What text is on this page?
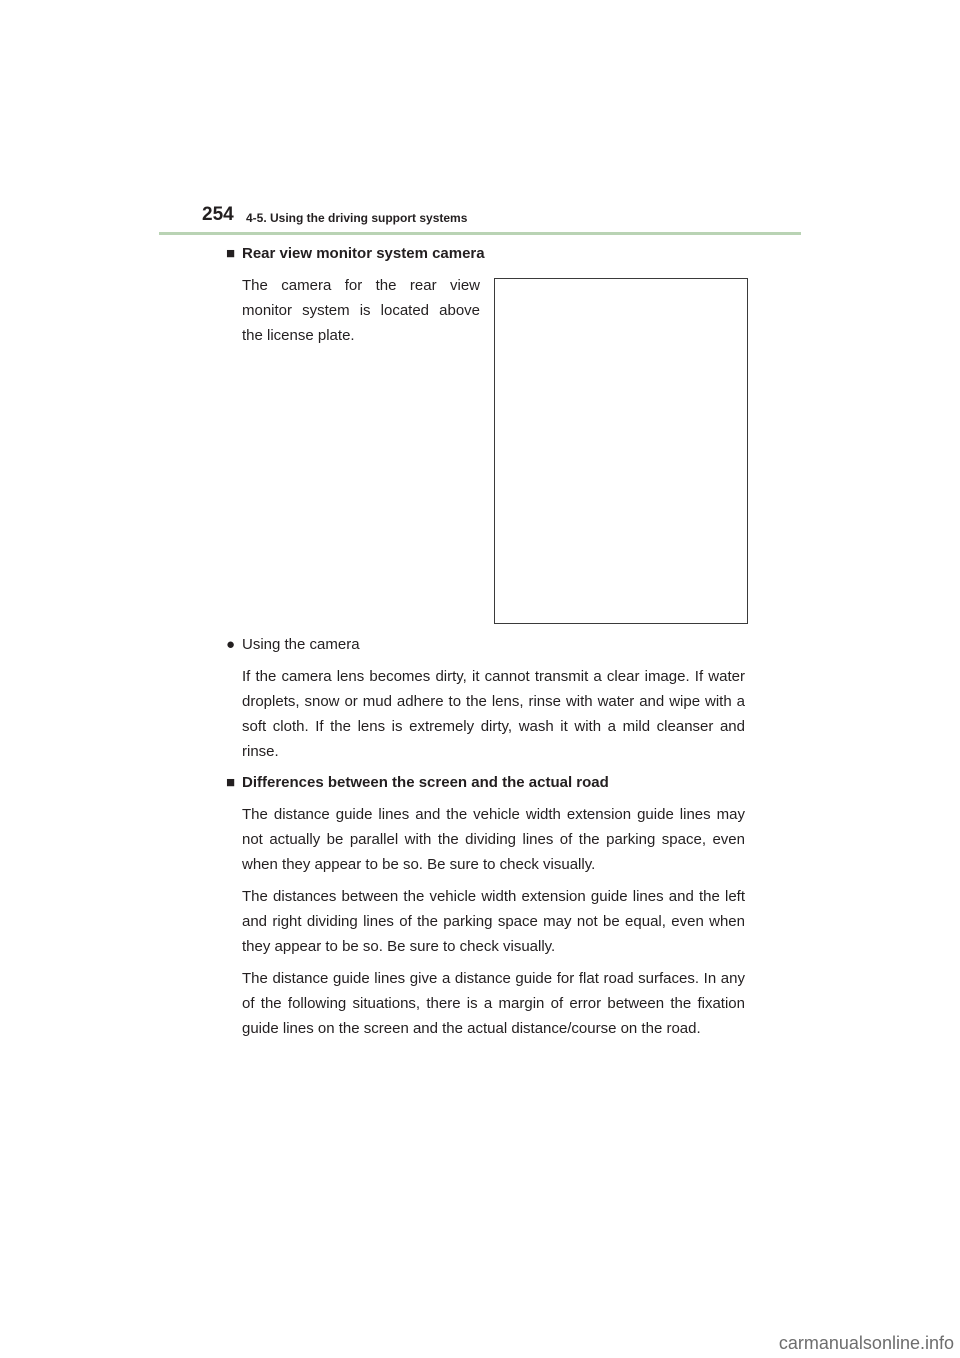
254 4-5. Using the driving support systems
■ Rear view monitor system camera

The camera for the rear view monitor system is located above the license plate.

● Using the camera

If the camera lens becomes dirty, it cannot transmit a clear image. If water droplets, snow or mud adhere to the lens, rinse with water and wipe with a soft cloth. If the lens is extremely dirty, wash it with a mild cleanser and rinse.

■ Differences between the screen and the actual road

The distance guide lines and the vehicle width extension guide lines may not actually be parallel with the dividing lines of the parking space, even when they appear to be so. Be sure to check visually.

The distances between the vehicle width extension guide lines and the left and right dividing lines of the parking space may not be equal, even when they appear to be so. Be sure to check visually.

The distance guide lines give a distance guide for flat road surfaces. In any of the following situations, there is a margin of error between the fixation guide lines on the screen and the actual distance/course on the road.

carmanualsonline.info
